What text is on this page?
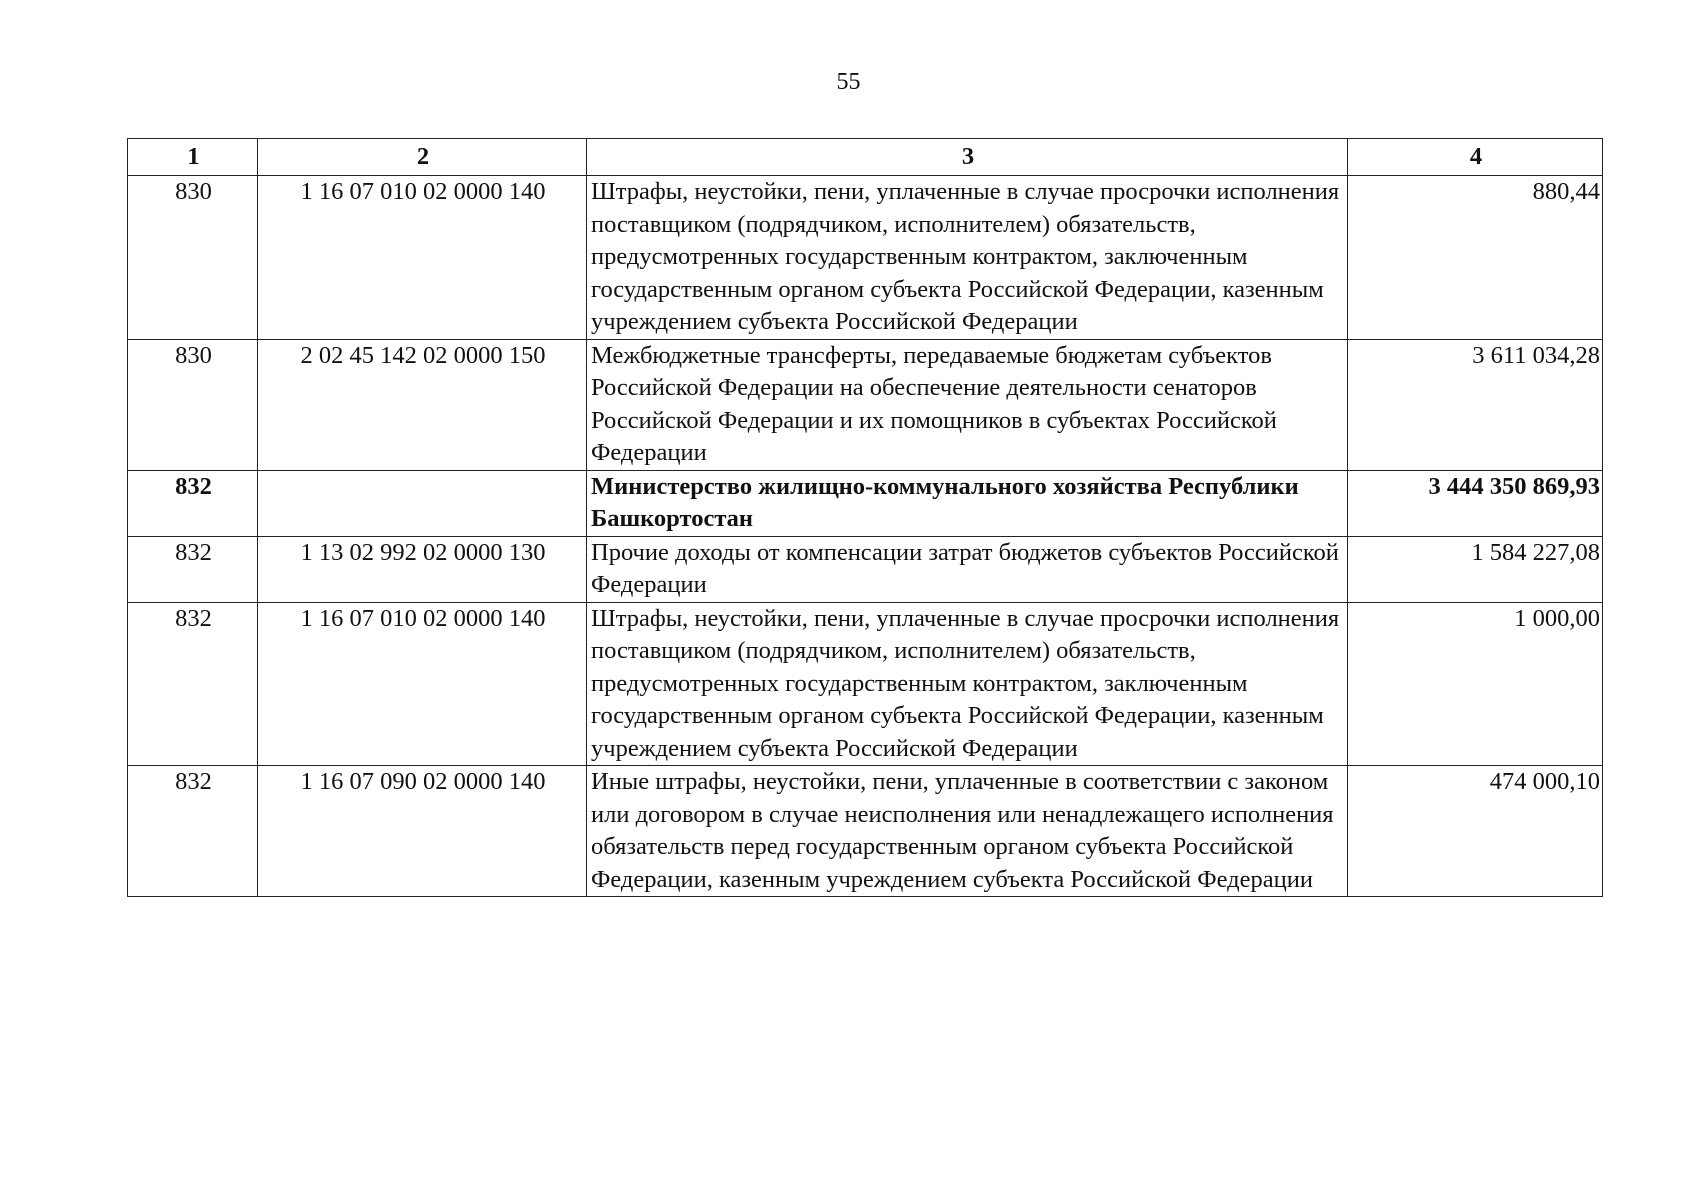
55
1	2	3	4
830	1 16 07 010 02 0000 140	Штрафы, неустойки, пени, уплаченные в случае просрочки исполнения поставщиком (подрядчиком, исполнителем) обязательств, предусмотренных государственным контрактом, заключенным государственным органом субъекта Российской Федерации, казенным учреждением субъекта Российской Федерации	880,44
830	2 02 45 142 02 0000 150	Межбюджетные трансферты, передаваемые бюджетам субъектов Российской Федерации на обеспечение деятельности сенаторов Российской Федерации и их помощников в субъектах Российской Федерации	3 611 034,28
832		Министерство жилищно-коммунального хозяйства Республики Башкортостан	3 444 350 869,93
832	1 13 02 992 02 0000 130	Прочие доходы от компенсации затрат бюджетов субъектов Российской Федерации	1 584 227,08
832	1 16 07 010 02 0000 140	Штрафы, неустойки, пени, уплаченные в случае просрочки исполнения поставщиком (подрядчиком, исполнителем) обязательств, предусмотренных государственным контрактом, заключенным государственным органом субъекта Российской Федерации, казенным учреждением субъекта Российской Федерации	1 000,00
832	1 16 07 090 02 0000 140	Иные штрафы, неустойки, пени, уплаченные в соответствии с законом или договором в случае неисполнения или ненадлежащего исполнения обязательств перед государственным органом субъекта Российской Федерации, казенным учреждением субъекта Российской Федерации	474 000,10
